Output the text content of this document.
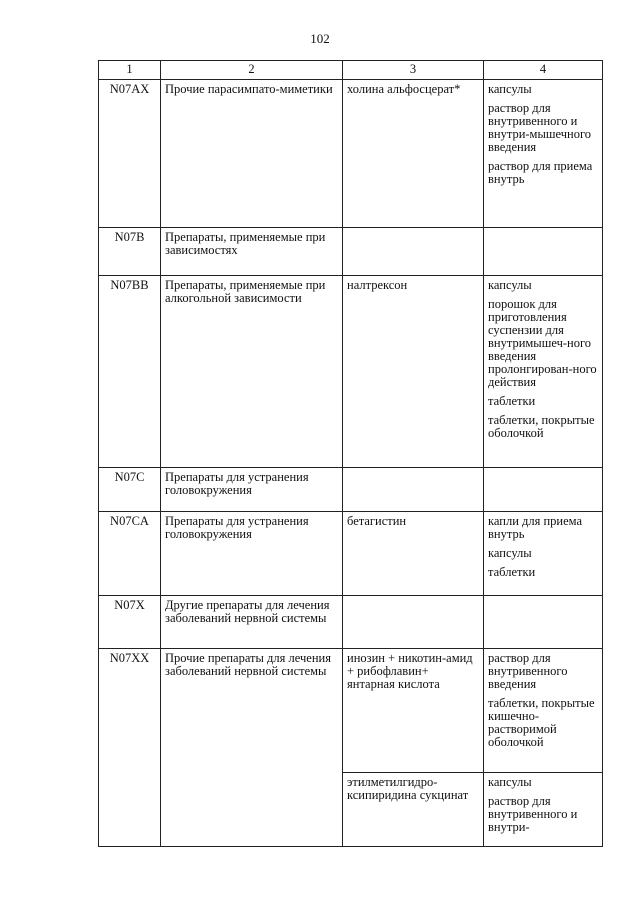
102
1	2	3	4
N07AX	Прочие парасимпато-миметики	холина альфосцерат*	капсулы
раствор для внутривенного и внутри-мышечного введения
раствор для приема внутрь

N07B	Препараты, применяемые при зависимостях		
N07BB	Препараты, применяемые при алкогольной зависимости	налтрексон	капсулы
порошок для приготовления суспензии для внутримышеч-ного введения пролонгирован-ного действия
таблетки
таблетки, покрытые оболочкой

N07C	Препараты для устранения головокружения		
N07CA	Препараты для устранения головокружения	бетагистин	капли для приема внутрь
капсулы
таблетки

N07X	Другие препараты для лечения заболеваний нервной системы		
N07XX	Прочие препараты для лечения заболеваний нервной системы	инозин + никотин-амид + рибофлавин+ янтарная кислота	раствор для внутривенного введения
таблетки, покрытые кишечно-растворимой оболочкой

		этилметилгидро-ксипиридина сукцинат	капсулы
раствор для внутривенного и внутри-
